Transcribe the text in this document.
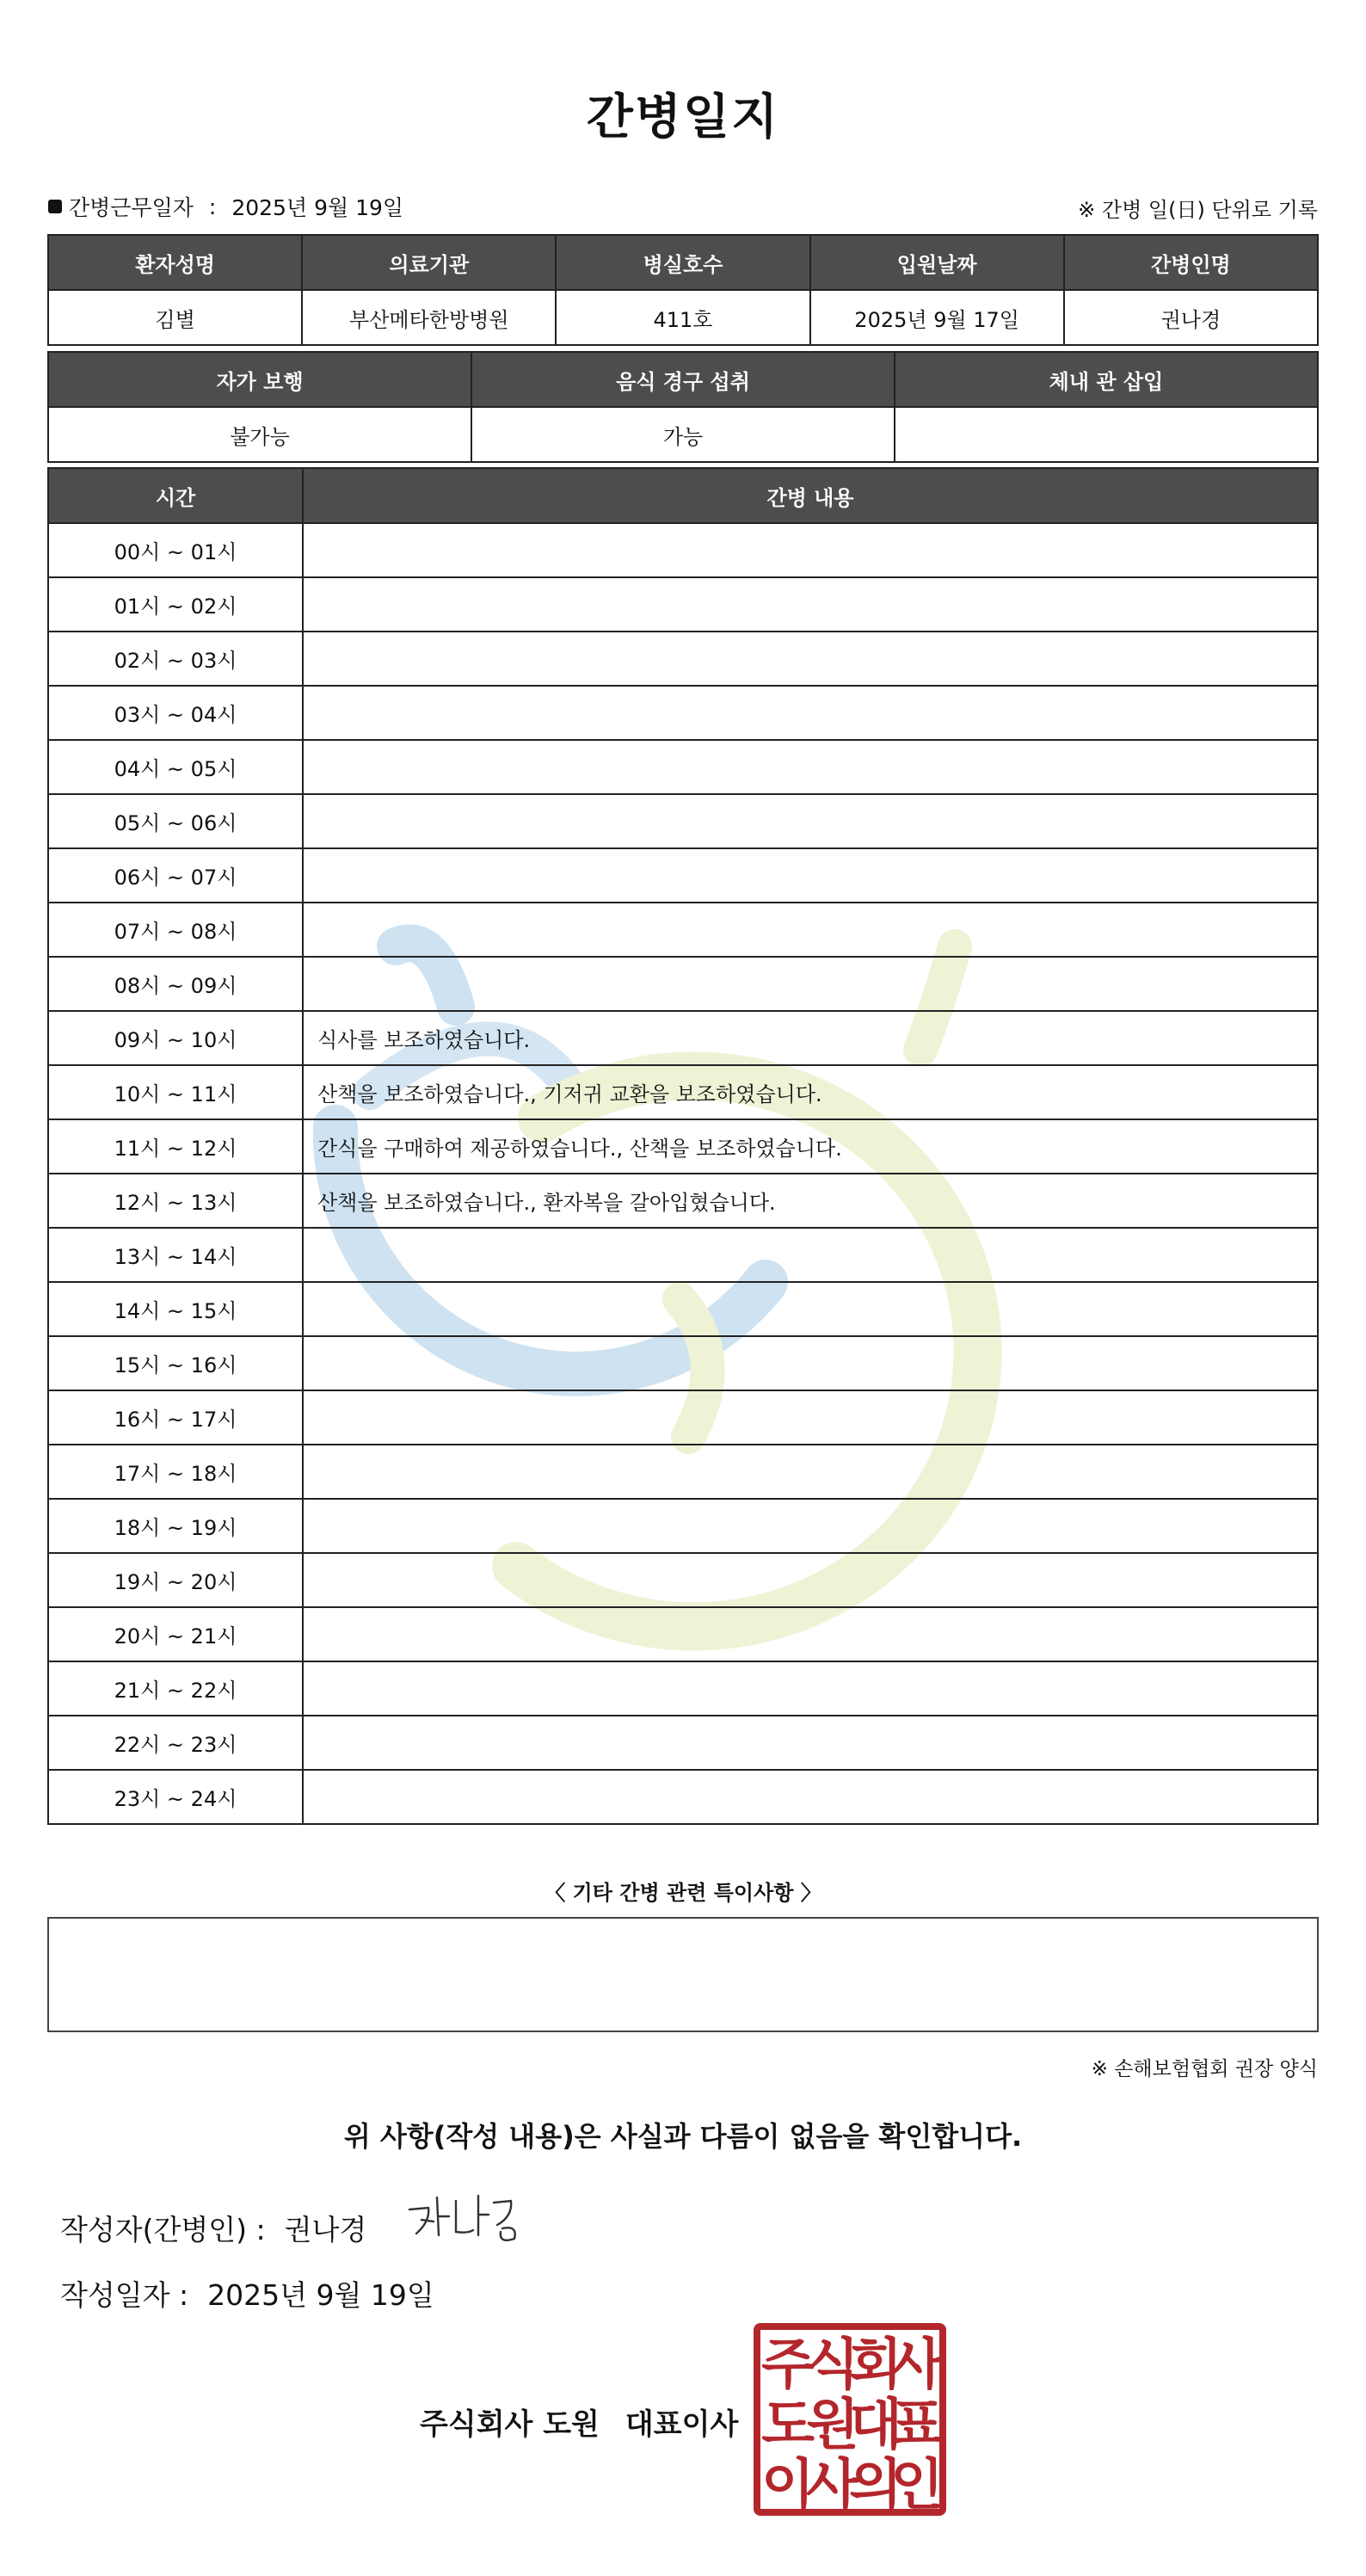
간병일지
간병근무일자 : 2025년 9월 19일	※ 간병 일(日) 단위로 기록
환자성명	의료기관	병실호수	입원날짜	간병인명
김별	부산메타한방병원	411호	2025년 9월 17일	권나경
자가 보행	음식 경구 섭취	체내 관 삽입
불가능	가능	
시간	간병 내용
00시 ~ 01시	
01시 ~ 02시	
02시 ~ 03시	
03시 ~ 04시	
04시 ~ 05시	
05시 ~ 06시	
06시 ~ 07시	
07시 ~ 08시	
08시 ~ 09시	
09시 ~ 10시	식사를 보조하였습니다.
10시 ~ 11시	산책을 보조하였습니다., 기저귀 교환을 보조하였습니다.
11시 ~ 12시	간식을 구매하여 제공하였습니다., 산책을 보조하였습니다.
12시 ~ 13시	산책을 보조하였습니다., 환자복을 갈아입혔습니다.
13시 ~ 14시	
14시 ~ 15시	
15시 ~ 16시	
16시 ~ 17시	
17시 ~ 18시	
18시 ~ 19시	
19시 ~ 20시	
20시 ~ 21시	
21시 ~ 22시	
22시 ~ 23시	
23시 ~ 24시	
〈 기타 간병 관련 특이사항 〉
※ 손해보험협회 권장 양식
위 사항(작성 내용)은 사실과 다름이 없음을 확인합니다.
작성자(간병인) : 권나경
작성일자 : 2025년 9월 19일
주식회사 도원 대표이사
주
식
회
사
도
원
대
표
이
사
의
인
